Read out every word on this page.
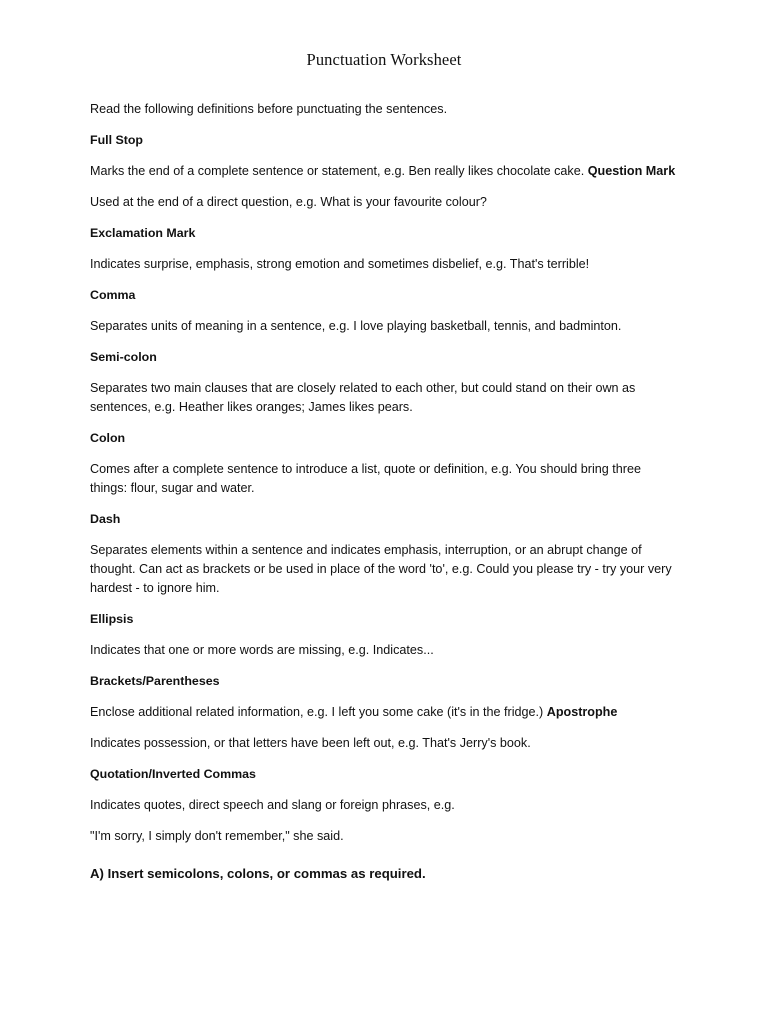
Punctuation Worksheet

Read the following definitions before punctuating the sentences.

Full Stop

Marks the end of a complete sentence or statement, e.g. Ben really likes chocolate cake. Question Mark

Used at the end of a direct question, e.g. What is your favourite colour?

Exclamation Mark

Indicates surprise, emphasis, strong emotion and sometimes disbelief, e.g. That's terrible!

Comma

Separates units of meaning in a sentence, e.g. I love playing basketball, tennis, and badminton.

Semi-colon

Separates two main clauses that are closely related to each other, but could stand on their own as

sentences, e.g. Heather likes oranges; James likes pears.

Colon

Comes after a complete sentence to introduce a list, quote or definition, e.g. You should bring three

things: flour, sugar and water.

Dash

Separates elements within a sentence and indicates emphasis, interruption, or an abrupt change of

thought. Can act as brackets or be used in place of the word 'to', e.g. Could you please try - try your very

hardest - to ignore him.

Ellipsis

Indicates that one or more words are missing, e.g. Indicates...

Brackets/Parentheses

Enclose additional related information, e.g. I left you some cake (it's in the fridge.) Apostrophe

Indicates possession, or that letters have been left out, e.g. That's Jerry's book.

Quotation/Inverted Commas

Indicates quotes, direct speech and slang or foreign phrases, e.g.

"I'm sorry, I simply don't remember," she said.

A) Insert semicolons, colons, or commas as required.
